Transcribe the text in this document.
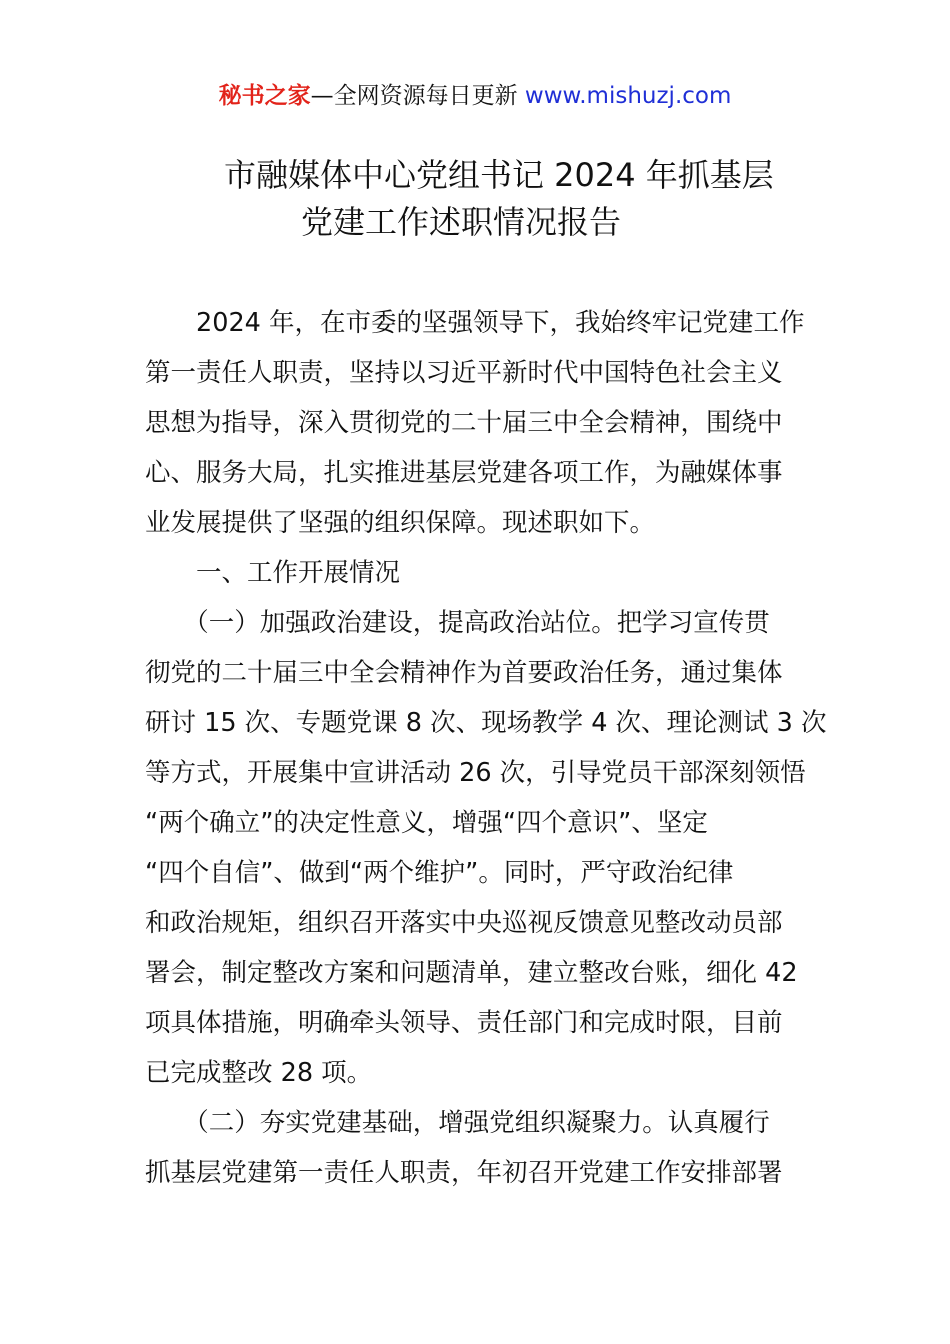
秘书之家—全网资源每日更新 www.mishuzj.com
市融媒体中心党组书记 2024 年抓基层
党建工作述职情况报告
　　2024 年，在市委的坚强领导下，我始终牢记党建工作
第一责任人职责，坚持以习近平新时代中国特色社会主义
思想为指导，深入贯彻党的二十届三中全会精神，围绕中
心、服务大局，扎实推进基层党建各项工作，为融媒体事
业发展提供了坚强的组织保障。现述职如下。
　　一、工作开展情况
　　（一）加强政治建设，提高政治站位。把学习宣传贯
彻党的二十届三中全会精神作为首要政治任务，通过集体
研讨 15 次、专题党课 8 次、现场教学 4 次、理论测试 3 次
等方式，开展集中宣讲活动 26 次，引导党员干部深刻领悟
“两个确立”的决定性意义，增强“四个意识”、坚定
“四个自信”、做到“两个维护”。同时，严守政治纪律
和政治规矩，组织召开落实中央巡视反馈意见整改动员部
署会，制定整改方案和问题清单，建立整改台账，细化 42
项具体措施，明确牵头领导、责任部门和完成时限，目前
已完成整改 28 项。
　　（二）夯实党建基础，增强党组织凝聚力。认真履行
抓基层党建第一责任人职责，年初召开党建工作安排部署
